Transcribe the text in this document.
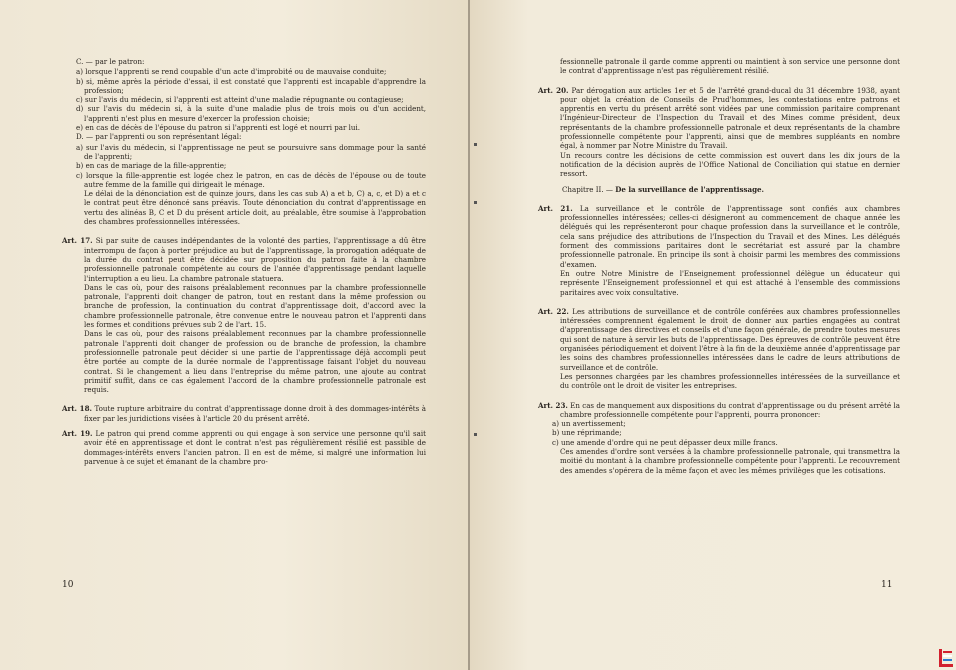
C. — par le patron:

a) lorsque l'apprenti se rend coupable d'un acte d'improbité ou de mauvaise conduite;

b) si, même après la période d'essai, il est constaté que l'apprenti est incapable d'apprendre la profession;

c) sur l'avis du médecin, si l'apprenti est atteint d'une maladie répugnante ou contagieuse;

d) sur l'avis du médecin si, à la suite d'une maladie plus de trois mois ou d'un accident, l'apprenti n'est plus en mesure d'exercer la profession choisie;

e) en cas de décès de l'épouse du patron si l'apprenti est logé et nourri par lui.

D. — par l'apprenti ou son représentant légal:

a) sur l'avis du médecin, si l'apprentissage ne peut se poursuivre sans dommage pour la santé de l'apprenti;

b) en cas de mariage de la fille-apprentie;

c) lorsque la fille-apprentie est logée chez le patron, en cas de décès de l'épouse ou de toute autre femme de la famille qui dirigeait le ménage.

Le délai de la dénonciation est de quinze jours, dans les cas sub A) a et b, C) a, c, et D) a et c le contrat peut être dénoncé sans préavis. Toute dénonciation du contrat d'apprentissage en vertu des alinéas B, C et D du présent article doit, au préalable, être soumise à l'approbation des chambres professionnelles intéressées.

Art. 17. Si par suite de causes indépendantes de la volonté des parties, l'apprentissage a dû être interrompu de façon à porter préjudice au but de l'apprentissage, la prorogation adéquate de la durée du contrat peut être décidée sur proposition du patron faite à la chambre professionnelle patronale compétente au cours de l'année d'apprentissage pendant laquelle l'interruption a eu lieu. La chambre patronale statuera.

Dans le cas où, pour des raisons préalablement reconnues par la chambre professionnelle patronale, l'apprenti doit changer de patron, tout en restant dans la même profession ou branche de profession, la continuation du contrat d'apprentissage doit, d'accord avec la chambre professionnelle patronale, être convenue entre le nouveau patron et l'apprenti dans les formes et conditions prévues sub 2 de l'art. 15.

Dans le cas où, pour des raisons préalablement reconnues par la chambre professionnelle patronale l'apprenti doit changer de profession ou de branche de profession, la chambre professionnelle patronale peut décider si une partie de l'apprentissage déjà accompli peut être portée au compte de la durée normale de l'apprentissage faisant l'objet du nouveau contrat. Si le changement a lieu dans l'entreprise du même patron, une ajoute au contrat primitif suffit, dans ce cas également l'accord de la chambre professionnelle patronale est requis.

Art. 18. Toute rupture arbitraire du contrat d'apprentissage donne droit à des dommages-intérêts à fixer par les juridictions visées à l'article 20 du présent arrêté.

Art. 19. Le patron qui prend comme apprenti ou qui engage à son service une personne qu'il sait avoir été en apprentissage et dont le contrat n'est pas régulièrement résilié est passible de dommages-intérêts envers l'ancien patron. Il en est de même, si malgré une information lui parvenue à ce sujet et émanant de la chambre pro-

10

fessionnelle patronale il garde comme apprenti ou maintient à son service une personne dont le contrat d'apprentissage n'est pas régulièrement résilié.

Art. 20. Par dérogation aux articles 1er et 5 de l'arrêté grand-ducal du 31 décembre 1938, ayant pour objet la création de Conseils de Prud'hommes, les contestations entre patrons et apprentis en vertu du présent arrêté sont vidées par une commission paritaire comprenant l'Ingénieur-Directeur de l'Inspection du Travail et des Mines comme président, deux représentants de la chambre professionnelle patronale et deux représentants de la chambre professionnelle compétente pour l'apprenti, ainsi que de membres suppléants en nombre égal, à nommer par Notre Ministre du Travail.

Un recours contre les décisions de cette commission est ouvert dans les dix jours de la notification de la décision auprès de l'Office National de Conciliation qui statue en dernier ressort.

Chapitre II. — De la surveillance de l'apprentissage.

Art. 21. La surveillance et le contrôle de l'apprentissage sont confiés aux chambres professionnelles intéressées; celles-ci désigneront au commencement de chaque année les délégués qui les représenteront pour chaque profession dans la surveillance et le contrôle, cela sans préjudice des attributions de l'Inspection du Travail et des Mines. Les délégués forment des commissions paritaires dont le secrétariat est assuré par la chambre professionnelle patronale. En principe ils sont à choisir parmi les membres des commissions d'examen.

En outre Notre Ministre de l'Enseignement professionnel délègue un éducateur qui représente l'Enseignement professionnel et qui est attaché à l'ensemble des commissions paritaires avec voix consultative.

Art. 22. Les attributions de surveillance et de contrôle conférées aux chambres professionnelles intéressées comprennent également le droit de donner aux parties engagées au contrat d'apprentissage des directives et conseils et d'une façon générale, de prendre toutes mesures qui sont de nature à servir les buts de l'apprentissage. Des épreuves de contrôle peuvent être organisées périodiquement et doivent l'être à la fin de la deuxième année d'apprentissage par les soins des chambres professionnelles intéressées dans le cadre de leurs attributions de surveillance et de contrôle.

Les personnes chargées par les chambres professionnelles intéressées de la surveillance et du contrôle ont le droit de visiter les entreprises.

Art. 23. En cas de manquement aux dispositions du contrat d'apprentissage ou du présent arrêté la chambre professionnelle compétente pour l'apprenti, pourra prononcer:

a) un avertissement;

b) une réprimande;

c) une amende d'ordre qui ne peut dépasser deux mille francs.

Ces amendes d'ordre sont versées à la chambre professionnelle patronale, qui transmettra la moitié du montant à la chambre professionnelle compétente pour l'apprenti. Le recouvrement des amendes s'opérera de la même façon et avec les mêmes privilèges que les cotisations.

11
